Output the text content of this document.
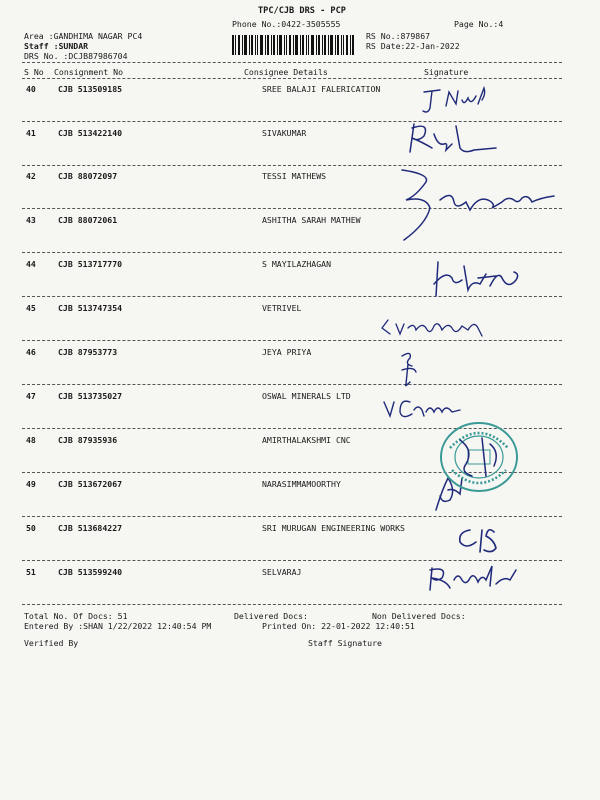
TPC/CJB DRS - PCP
Phone No.:0422-3505555	Page No.:4
Area :GANDHIMA NAGAR PC4
Staff :SUNDAR
DRS No. :DCJB87986704
RS No.:879867
RS Date:22-Jan-2022
S No Consignment No	Consignee Details	Signature
40	CJB 513509185	SREE BALAJI FALERICATION
41	CJB 513422140	SIVAKUMAR
42	CJB 88072097	TESSI MATHEWS
43	CJB 88072061	ASHITHA SARAH MATHEW
44	CJB 513717770	S MAYILAZHAGAN
45	CJB 513747354	VETRIVEL
46	CJB 87953773	JEYA PRIYA
47	CJB 513735027	OSWAL MINERALS LTD
48	CJB 87935936	AMIRTHALAKSHMI CNC
49	CJB 513672067	NARASIMMAMOORTHY
50	CJB 513684227	SRI MURUGAN ENGINEERING WORKS
51	CJB 513599240	SELVARAJ
Total No. Of Docs: 51	Delivered Docs:	Non Delivered Docs:
Entered By :SHAN 1/22/2022 12:40:54 PM	Printed On: 22-01-2022 12:40:51
Verified By	Staff Signature
